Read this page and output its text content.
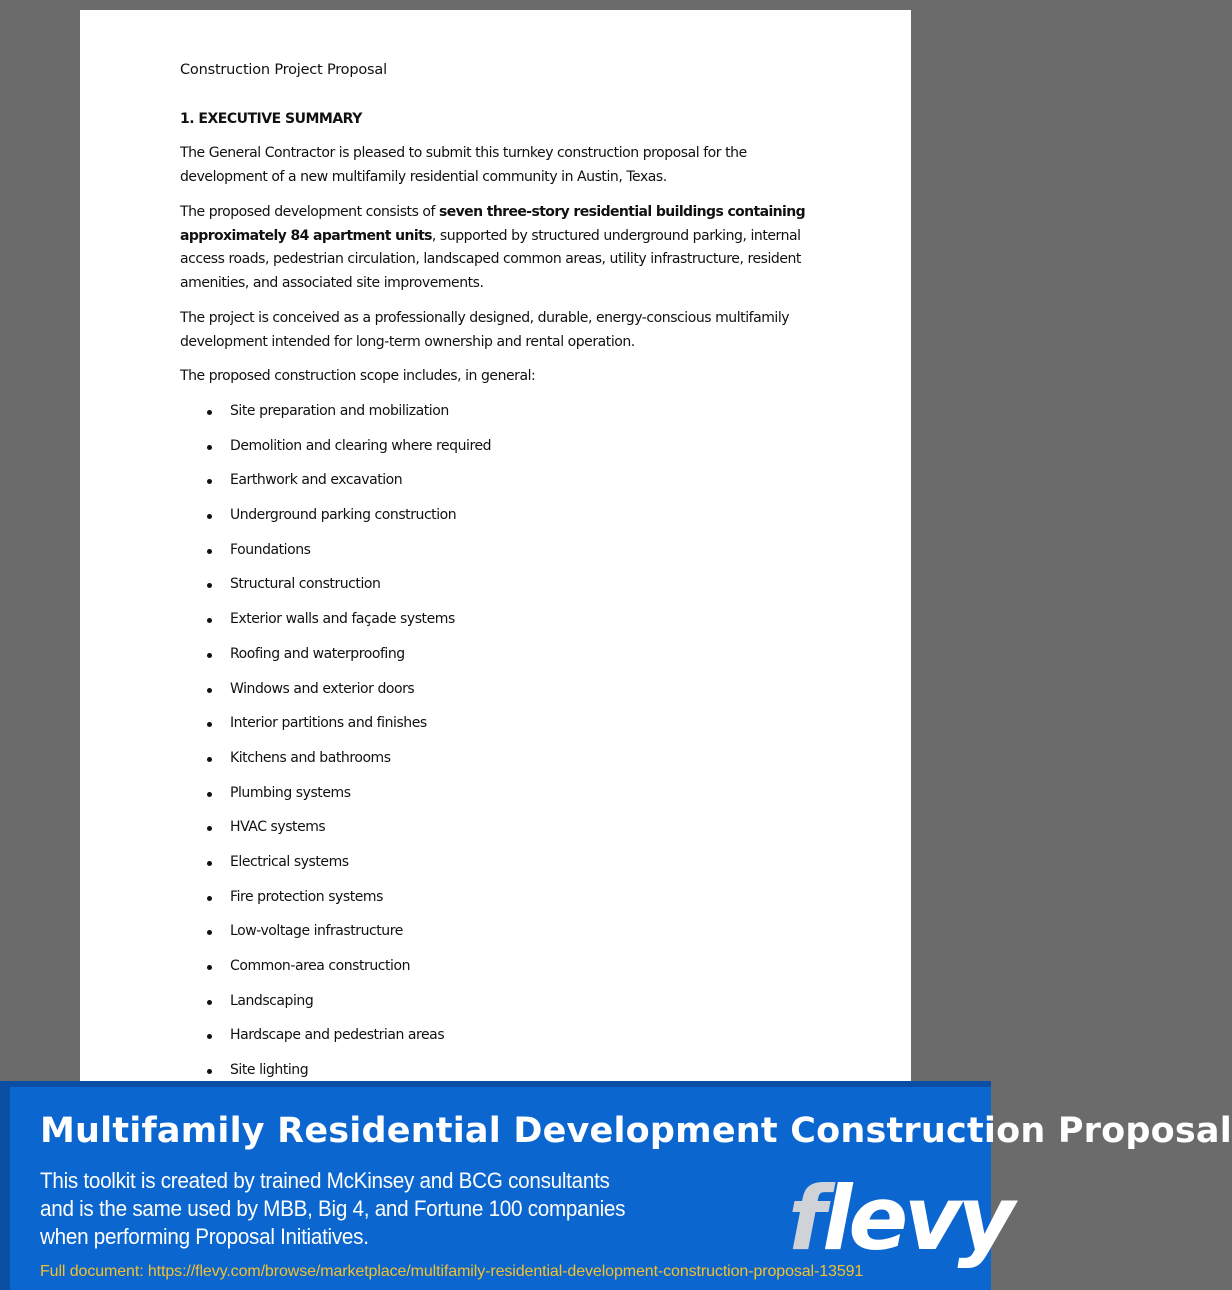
Construction Project Proposal
1. EXECUTIVE SUMMARY

The General Contractor is pleased to submit this turnkey construction proposal for the development of a new multifamily residential community in Austin, Texas.

The proposed development consists of seven three-story residential buildings containing approximately 84 apartment units, supported by structured underground parking, internal access roads, pedestrian circulation, landscaped common areas, utility infrastructure, resident amenities, and associated site improvements.

The project is conceived as a professionally designed, durable, energy-conscious multifamily development intended for long-term ownership and rental operation.

The proposed construction scope includes, in general:

Site preparation and mobilization
Demolition and clearing where required
Earthwork and excavation
Underground parking construction
Foundations
Structural construction
Exterior walls and façade systems
Roofing and waterproofing
Windows and exterior doors
Interior partitions and finishes
Kitchens and bathrooms
Plumbing systems
HVAC systems
Electrical systems
Fire protection systems
Low-voltage infrastructure
Common-area construction
Landscaping
Hardscape and pedestrian areas
Site lighting
Multifamily Residential Development Construction Proposal
This toolkit is created by trained McKinsey and BCG consultants and is the same used by MBB, Big 4, and Fortune 100 companies when performing Proposal Initiatives.
Full document: https://flevy.com/browse/marketplace/multifamily-residential-development-construction-proposal-13591
flevy
